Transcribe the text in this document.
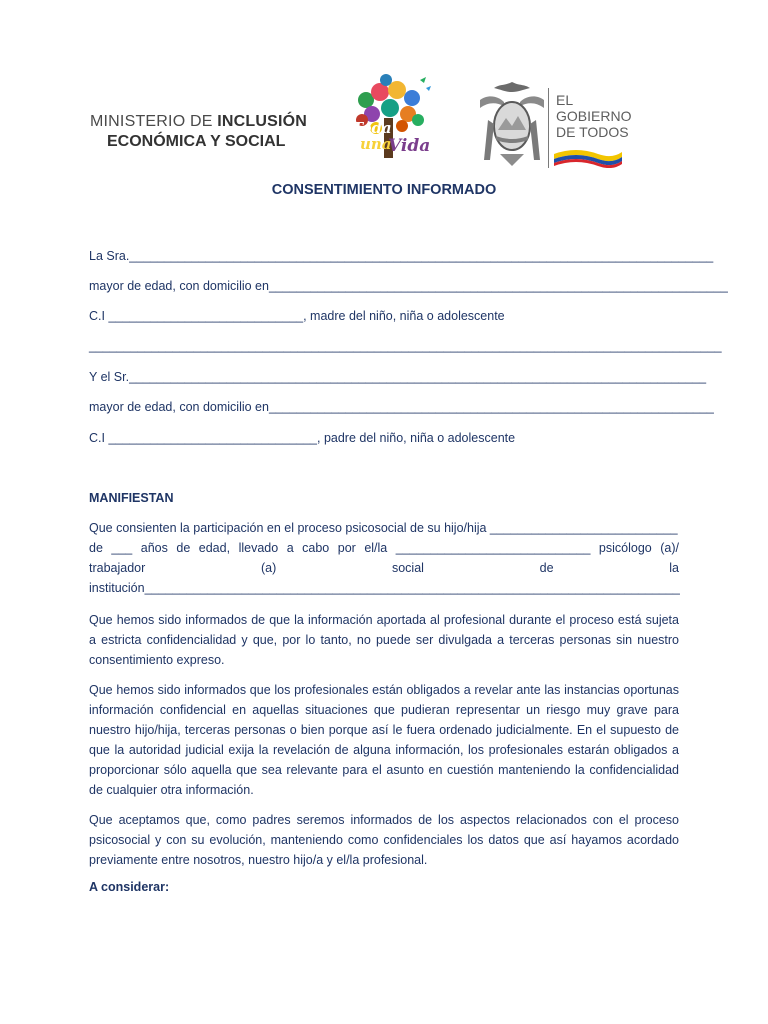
MINISTERIO DE INCLUSIÓN
ECONÓMICA Y SOCIAL
Toda
una
Vida
EL
GOBIERNO
DE TODOS
CONSENTIMIENTO INFORMADO
La Sra.____________________________________________________________________________________
mayor de edad, con domicilio en__________________________________________________________________
C.I ____________________________, madre del niño, niña o adolescente
___________________________________________________________________________________________
Y el Sr.___________________________________________________________________________________
mayor de edad, con domicilio en________________________________________________________________
C.I ______________________________, padre del niño, niña o adolescente
MANIFIESTAN
Que consienten la participación en el proceso psicosocial de su hijo/hija ___________________________
de ___ años de edad, llevado a cabo por el/la ____________________________ psicólogo (a)/
trabajador	(a)	social	de	la
institución_____________________________________________________________________________
Que hemos sido informados de que la información aportada al profesional durante el proceso está sujeta a estricta confidencialidad y que, por lo tanto, no puede ser divulgada a terceras personas sin nuestro consentimiento expreso.
Que hemos sido informados que los profesionales están obligados a revelar ante las instancias oportunas información confidencial en aquellas situaciones que pudieran representar un riesgo muy grave para nuestro hijo/hija, terceras personas o bien porque así le fuera ordenado judicialmente. En el supuesto de que la autoridad judicial exija la revelación de alguna información, los profesionales estarán obligados a proporcionar sólo aquella que sea relevante para el asunto en cuestión manteniendo la confidencialidad de cualquier otra información.
Que aceptamos que, como padres seremos informados de los aspectos relacionados con el proceso psicosocial y con su evolución, manteniendo como confidenciales los datos que así hayamos acordado previamente entre nosotros, nuestro hijo/a y el/la profesional.
A considerar:
